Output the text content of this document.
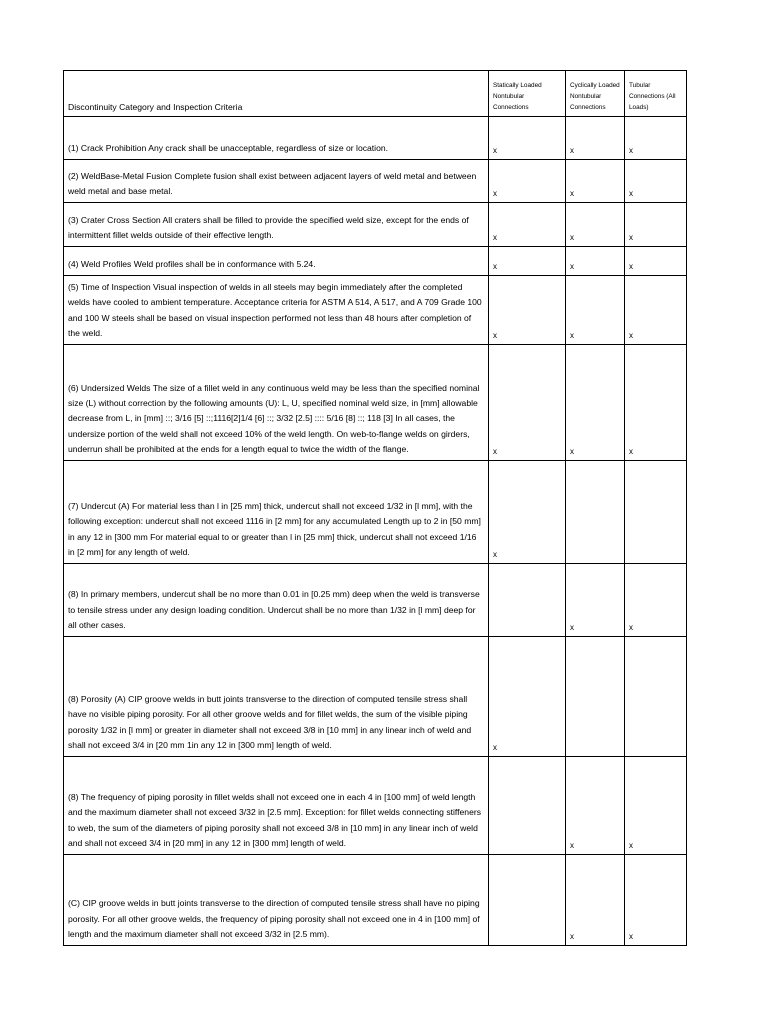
Discontinuity Category and Inspection Criteria	Statically Loaded Nontubular Connections	Cyclically Loaded Nontubular Connections	Tubular Connections (All Loads)
(1) Crack Prohibition Any crack shall be unacceptable, regardless of size or location.	x	x	x
(2) WeldBase-Metal Fusion Complete fusion shall exist between adjacent layers of weld metal and between weld metal and base metal.	x	x	x
(3) Crater Cross Section All craters shall be filled to provide the specified weld size, except for the ends of intermittent fillet welds outside of their effective length.	x	x	x
(4) Weld Profiles Weld profiles shall be in conformance with 5.24.	x	x	x
(5) Time of Inspection Visual inspection of welds in all steels may begin immediately after the completed welds have cooled to ambient temperature. Acceptance criteria for ASTM A 514, A 517, and A 709 Grade 100 and 100 W steels shall be based on visual inspection performed not less than 48 hours after completion of the weld.	x	x	x
(6) Undersized Welds The size of a fillet weld in any continuous weld may be less than the specified nominal size (L) without correction by the following amounts (U): L, U, specified nominal weld size, in [mm] allowable decrease from L, in [mm] ::; 3/16 [5] ::;1116[2]1/4 [6] ::; 3/32 [2.5] :::: 5/16 [8] ::; 118 [3] In all cases, the undersize portion of the weld shall not exceed 10% of the weld length. On web-to-flange welds on girders, underrun shall be prohibited at the ends for a length equal to twice the width of the flange.	x	x	x
(7) Undercut (A) For material less than l in [25 mm] thick, undercut shall not exceed 1/32 in [l mm], with the following exception: undercut shall not exceed 1116 in [2 mm] for any accumulated Length up to 2 in [50 mm] in any 12 in [300 mm For material equal to or greater than l in [25 mm] thick, undercut shall not exceed 1/16 in [2 mm] for any length of weld.	x		
(8) In primary members, undercut shall be no more than 0.01 in [0.25 mm) deep when the weld is transverse to tensile stress under any design loading condition. Undercut shall be no more than 1/32 in [l mm] deep for all other cases.		x	x
(8) Porosity (A) CIP groove welds in butt joints transverse to the direction of computed tensile stress shall have no visible piping porosity. For all other groove welds and for fillet welds, the sum of the visible piping porosity 1/32 in [l mm] or greater in diameter shall not exceed 3/8 in [10 mm] in any linear inch of weld and shall not exceed 3/4 in [20 mm 1in any 12 in [300 mm] length of weld.	x		
(8) The frequency of piping porosity in fillet welds shall not exceed one in each 4 in [100 mm] of weld length and the maximum diameter shall not exceed 3/32 in [2.5 mm]. Exception: for fillet welds connecting stiffeners to web, the sum of the diameters of piping porosity shall not exceed 3/8 in [10 mm] in any linear inch of weld and shall not exceed 3/4 in [20 mm] in any 12 in [300 mm] length of weld.		x	x
(C) CIP groove welds in butt joints transverse to the direction of computed tensile stress shall have no piping porosity. For all other groove welds, the frequency of piping porosity shall not exceed one in 4 in [100 mm] of length and the maximum diameter shall not exceed 3/32 in [2.5 mm).		x	x
